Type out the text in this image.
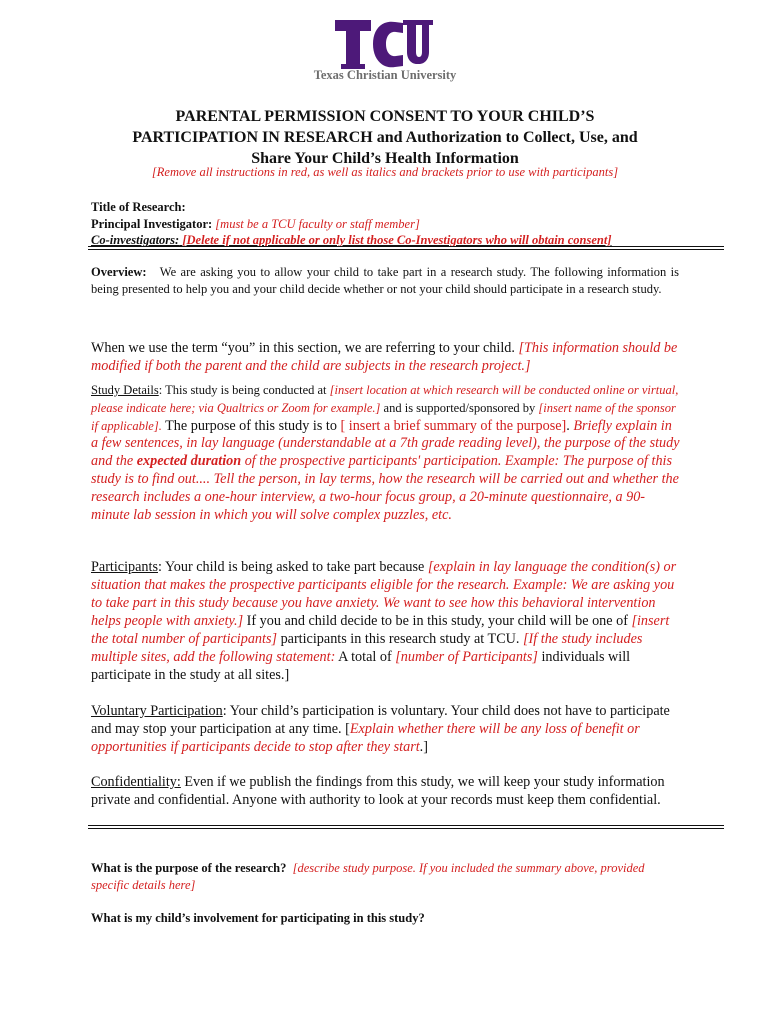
Texas Christian University
PARENTAL PERMISSION CONSENT TO YOUR CHILD’S
PARTICIPATION IN RESEARCH and Authorization to Collect, Use, and
Share Your Child’s Health Information
[Remove all instructions in red, as well as italics and brackets prior to use with participants]
Title of Research:
Principal Investigator: [must be a TCU faculty or staff member]
Co-investigators: [Delete if not applicable or only list those Co-Investigators who will obtain consent]
Overview: We are asking you to allow your child to take part in a research study. The following information is being presented to help you and your child decide whether or not your child should participate in a research study.
When we use the term “you” in this section, we are referring to your child. [This information should be modified if both the parent and the child are subjects in the research project.]
Study Details: This study is being conducted at [insert location at which research will be conducted online or virtual, please indicate here; via Qualtrics or Zoom for example.] and is supported/sponsored by [insert name of the sponsor if applicable]. The purpose of this study is to [ insert a brief summary of the purpose]. Briefly explain in a few sentences, in lay language (understandable at a 7th grade reading level), the purpose of the study and the expected duration of the prospective participants' participation. Example: The purpose of this study is to find out.... Tell the person, in lay terms, how the research will be carried out and whether the research includes a one-hour interview, a two-hour focus group, a 20-minute questionnaire, a 90-minute lab session in which you will solve complex puzzles, etc.
Participants: Your child is being asked to take part because [explain in lay language the condition(s) or situation that makes the prospective participants eligible for the research. Example: We are asking you to take part in this study because you have anxiety. We want to see how this behavioral intervention helps people with anxiety.] If you and child decide to be in this study, your child will be one of [insert the total number of participants] participants in this research study at TCU. [If the study includes multiple sites, add the following statement: A total of [number of Participants] individuals will participate in the study at all sites.]
Voluntary Participation: Your child’s participation is voluntary. Your child does not have to participate and may stop your participation at any time. [Explain whether there will be any loss of benefit or opportunities if participants decide to stop after they start.]
Confidentiality: Even if we publish the findings from this study, we will keep your study information private and confidential. Anyone with authority to look at your records must keep them confidential.
What is the purpose of the research? [describe study purpose. If you included the summary above, provided specific details here]
What is my child’s involvement for participating in this study?
